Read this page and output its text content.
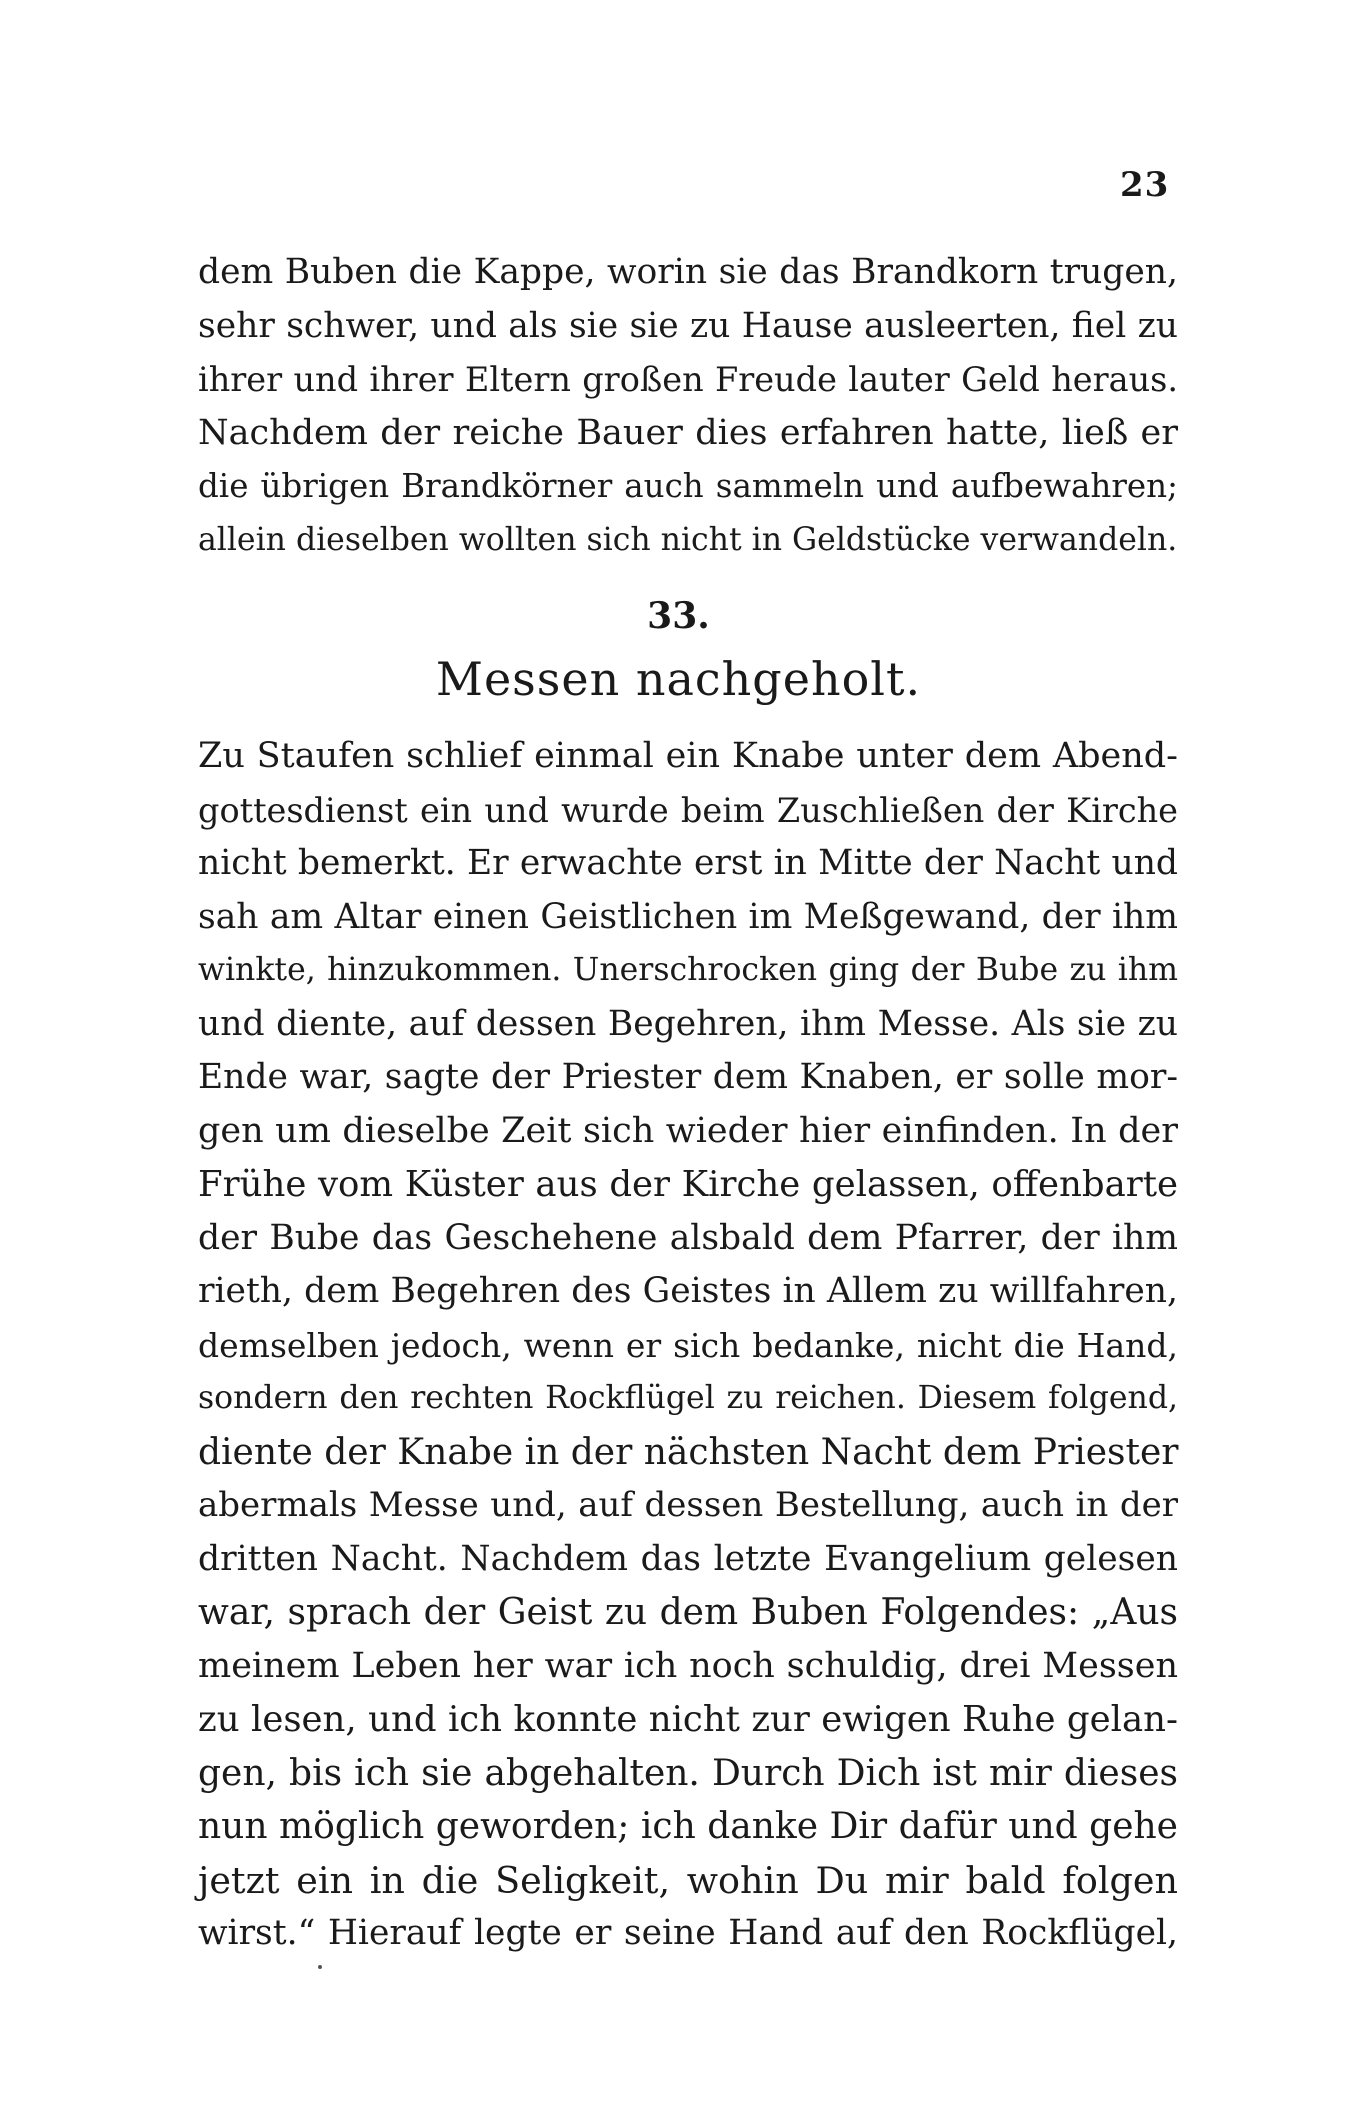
23
dem Buben die Kappe, worin sie das Brandkorn trugen,
sehr schwer, und als sie sie zu Hause ausleerten, fiel zu
ihrer und ihrer Eltern großen Freude lauter Geld heraus.
Nachdem der reiche Bauer dies erfahren hatte, ließ er
die übrigen Brandkörner auch sammeln und aufbewahren;
allein dieselben wollten sich nicht in Geldstücke verwandeln.
33.
Messen nachgeholt.
Zu Staufen schlief einmal ein Knabe unter dem Abend-
gottesdienst ein und wurde beim Zuschließen der Kirche
nicht bemerkt. Er erwachte erst in Mitte der Nacht und
sah am Altar einen Geistlichen im Meßgewand, der ihm
winkte, hinzukommen. Unerschrocken ging der Bube zu ihm
und diente, auf dessen Begehren, ihm Messe. Als sie zu
Ende war, sagte der Priester dem Knaben, er solle mor-
gen um dieselbe Zeit sich wieder hier einfinden. In der
Frühe vom Küster aus der Kirche gelassen, offenbarte
der Bube das Geschehene alsbald dem Pfarrer, der ihm
rieth, dem Begehren des Geistes in Allem zu willfahren,
demselben jedoch, wenn er sich bedanke, nicht die Hand,
sondern den rechten Rockflügel zu reichen. Diesem folgend,
diente der Knabe in der nächsten Nacht dem Priester
abermals Messe und, auf dessen Bestellung, auch in der
dritten Nacht. Nachdem das letzte Evangelium gelesen
war, sprach der Geist zu dem Buben Folgendes: „Aus
meinem Leben her war ich noch schuldig, drei Messen
zu lesen, und ich konnte nicht zur ewigen Ruhe gelan-
gen, bis ich sie abgehalten. Durch Dich ist mir dieses
nun möglich geworden; ich danke Dir dafür und gehe
jetzt ein in die Seligkeit, wohin Du mir bald folgen
wirst.“ Hierauf legte er seine Hand auf den Rockflügel,
